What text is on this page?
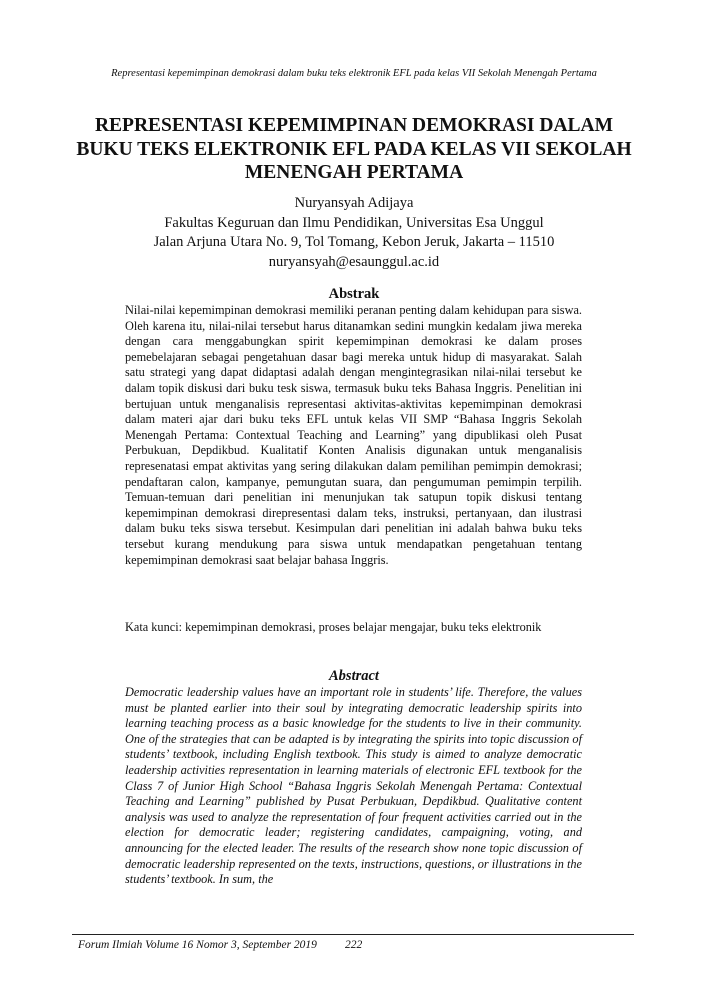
Representasi kepemimpinan demokrasi dalam buku teks elektronik EFL pada kelas VII Sekolah Menengah Pertama
REPRESENTASI KEPEMIMPINAN DEMOKRASI DALAM BUKU TEKS ELEKTRONIK EFL PADA KELAS VII SEKOLAH MENENGAH PERTAMA
Nuryansyah Adijaya
Fakultas Keguruan dan Ilmu Pendidikan, Universitas Esa Unggul
Jalan Arjuna Utara No. 9, Tol Tomang, Kebon Jeruk, Jakarta – 11510
nuryansyah@esaunggul.ac.id
Abstrak

Nilai-nilai kepemimpinan demokrasi memiliki peranan penting dalam kehidupan para siswa. Oleh karena itu, nilai-nilai tersebut harus ditanamkan sedini mungkin kedalam jiwa mereka dengan cara menggabungkan spirit kepemimpinan demokrasi ke dalam proses pemebelajaran sebagai pengetahuan dasar bagi mereka untuk hidup di masyarakat. Salah satu strategi yang dapat didaptasi adalah dengan mengintegrasikan nilai-nilai tersebut ke dalam topik diskusi dari buku tesk siswa, termasuk buku teks Bahasa Inggris. Penelitian ini bertujuan untuk menganalisis representasi aktivitas-aktivitas kepemimpinan demokrasi dalam materi ajar dari buku teks EFL untuk kelas VII SMP “Bahasa Inggris Sekolah Menengah Pertama: Contextual Teaching and Learning” yang dipublikasi oleh Pusat Perbukuan, Depdikbud. Kualitatif Konten Analisis digunakan untuk menganalisis represenatasi empat aktivitas yang sering dilakukan dalam pemilihan pemimpin demokrasi; pendaftaran calon, kampanye, pemungutan suara, dan pengumuman pemimpin terpilih. Temuan-temuan dari penelitian ini menunjukan tak satupun topik diskusi tentang kepemimpinan demokrasi direpresentasi dalam teks, instruksi, pertanyaan, dan ilustrasi dalam buku teks siswa tersebut. Kesimpulan dari penelitian ini adalah bahwa buku teks tersebut kurang mendukung para siswa untuk mendapatkan pengetahuan tentang kepemimpinan demokrasi saat belajar bahasa Inggris.

Kata kunci: kepemimpinan demokrasi, proses belajar mengajar, buku teks elektronik

Abstract

Democratic leadership values have an important role in students’ life. Therefore, the values must be planted earlier into their soul by integrating democratic leadership spirits into learning teaching process as a basic knowledge for the students to live in their community. One of the strategies that can be adapted is by integrating the spirits into topic discussion of students’ textbook, including English textbook. This study is aimed to analyze democratic leadership activities representation in learning materials of electronic EFL textbook for the Class 7 of Junior High School “Bahasa Inggris Sekolah Menengah Pertama: Contextual Teaching and Learning” published by Pusat Perbukuan, Depdikbud. Qualitative content analysis was used to analyze the representation of four frequent activities carried out in the election for democratic leader; registering candidates, campaigning, voting, and announcing for the elected leader. The results of the research show none topic discussion of democratic leadership represented on the texts, instructions, questions, or illustrations in the students’ textbook. In sum, the

Forum Ilmiah Volume 16 Nomor 3, September 2019 222
